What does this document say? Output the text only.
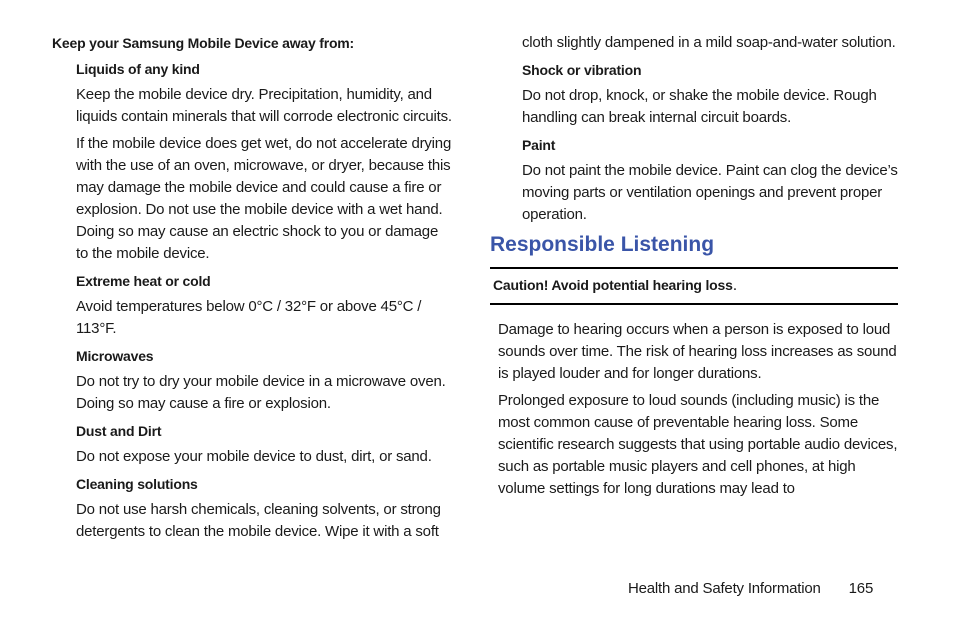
Keep your Samsung Mobile Device away from:
Liquids of any kind
Keep the mobile device dry. Precipitation, humidity, and liquids contain minerals that will corrode electronic circuits.
If the mobile device does get wet, do not accelerate drying with the use of an oven, microwave, or dryer, because this may damage the mobile device and could cause a fire or explosion. Do not use the mobile device with a wet hand. Doing so may cause an electric shock to you or damage to the mobile device.
Extreme heat or cold
Avoid temperatures below 0°C / 32°F or above 45°C / 113°F.
Microwaves
Do not try to dry your mobile device in a microwave oven. Doing so may cause a fire or explosion.
Dust and Dirt
Do not expose your mobile device to dust, dirt, or sand.
Cleaning solutions
Do not use harsh chemicals, cleaning solvents, or strong detergents to clean the mobile device. Wipe it with a soft
cloth slightly dampened in a mild soap-and-water solution.
Shock or vibration
Do not drop, knock, or shake the mobile device. Rough handling can break internal circuit boards.
Paint
Do not paint the mobile device. Paint can clog the device’s moving parts or ventilation openings and prevent proper operation.
Responsible Listening
Caution! Avoid potential hearing loss.
Damage to hearing occurs when a person is exposed to loud sounds over time. The risk of hearing loss increases as sound is played louder and for longer durations.
Prolonged exposure to loud sounds (including music) is the most common cause of preventable hearing loss. Some scientific research suggests that using portable audio devices, such as portable music players and cell phones, at high volume settings for long durations may lead to
Health and Safety Information 165
